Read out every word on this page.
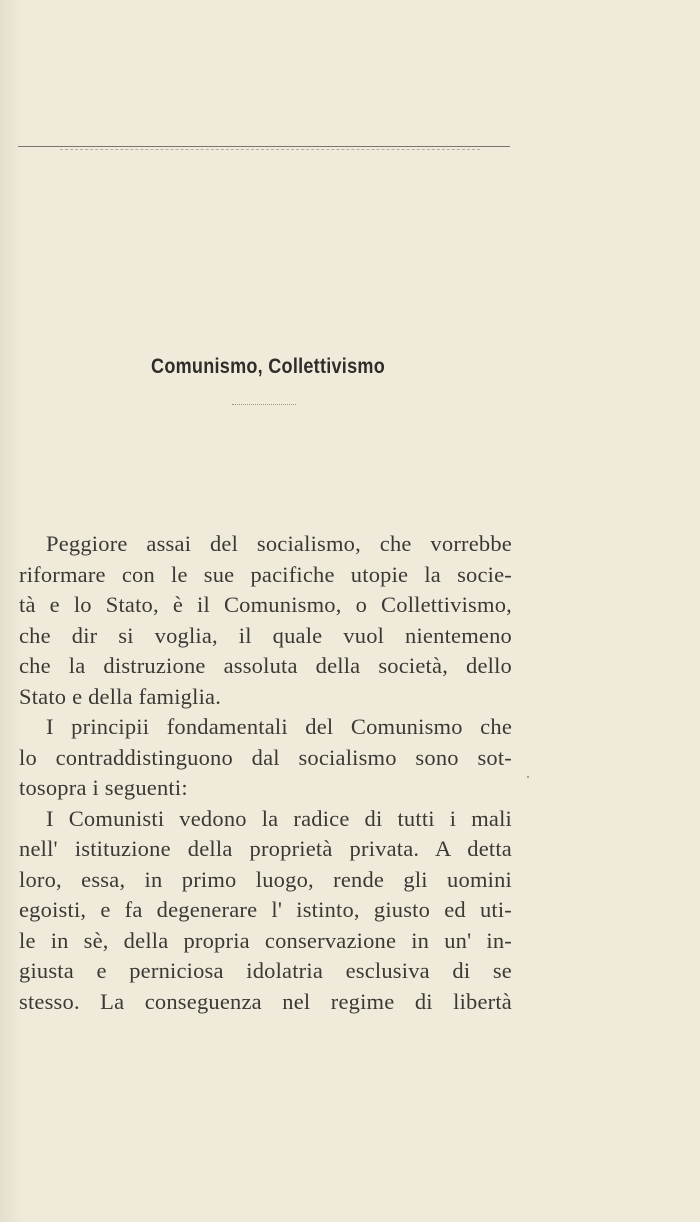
Comunismo, Collettivismo
Peggiore assai del socialismo, che vorrebbe
riformare con le sue pacifiche utopie la socie-
tà e lo Stato, è il Comunismo, o Collettivismo,
che dir si voglia, il quale vuol nientemeno
che la distruzione assoluta della società, dello
Stato e della famiglia.
I principii fondamentali del Comunismo che
lo contraddistinguono dal socialismo sono sot-
tosopra i seguenti:
I Comunisti vedono la radice di tutti i mali
nell' istituzione della proprietà privata. A detta
loro, essa, in primo luogo, rende gli uomini
egoisti, e fa degenerare l' istinto, giusto ed uti-
le in sè, della propria conservazione in un' in-
giusta e perniciosa idolatria esclusiva di se
stesso. La conseguenza nel regime di libertà
